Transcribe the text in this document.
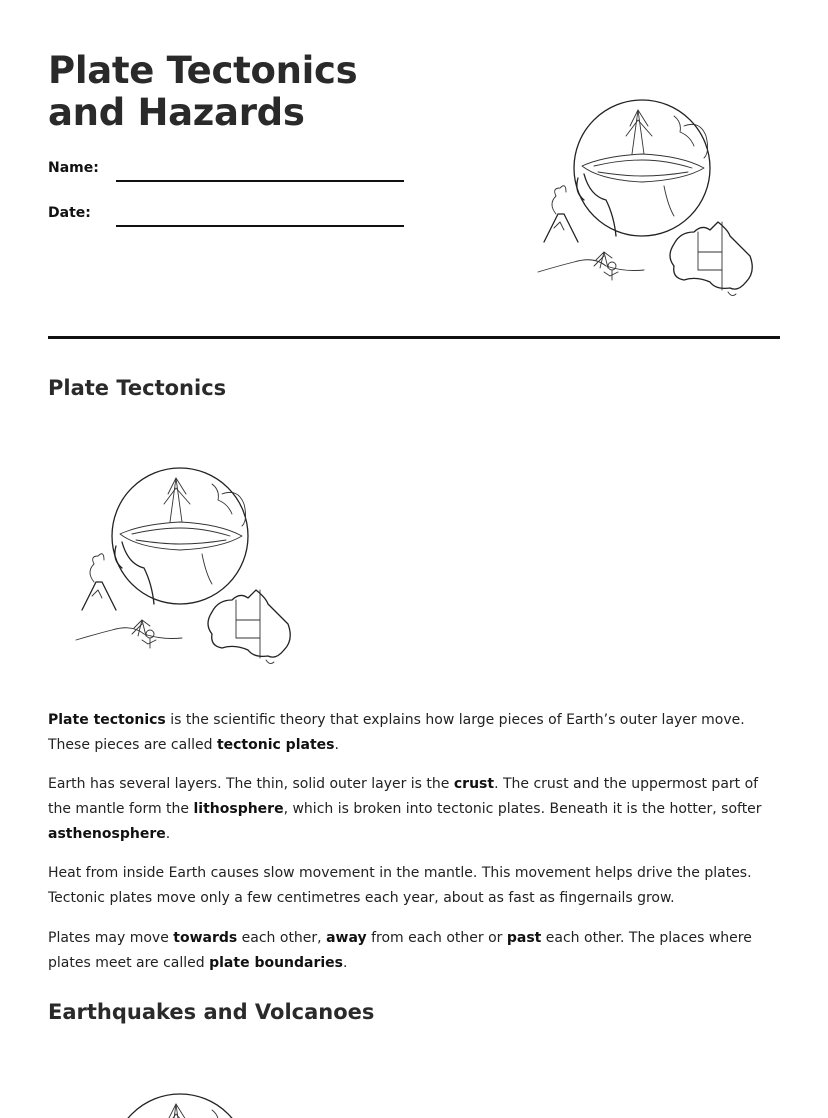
Plate Tectonics and Hazards
Name:
Date:
Plate Tectonics

Plate tectonics is the scientific theory that explains how large pieces of Earth’s outer layer move. These pieces are called tectonic plates.

Earth has several layers. The thin, solid outer layer is the crust. The crust and the uppermost part of the mantle form the lithosphere, which is broken into tectonic plates. Beneath it is the hotter, softer asthenosphere.

Heat from inside Earth causes slow movement in the mantle. This movement helps drive the plates. Tectonic plates move only a few centimetres each year, about as fast as fingernails grow.

Plates may move towards each other, away from each other or past each other. The places where plates meet are called plate boundaries.

Earthquakes and Volcanoes
